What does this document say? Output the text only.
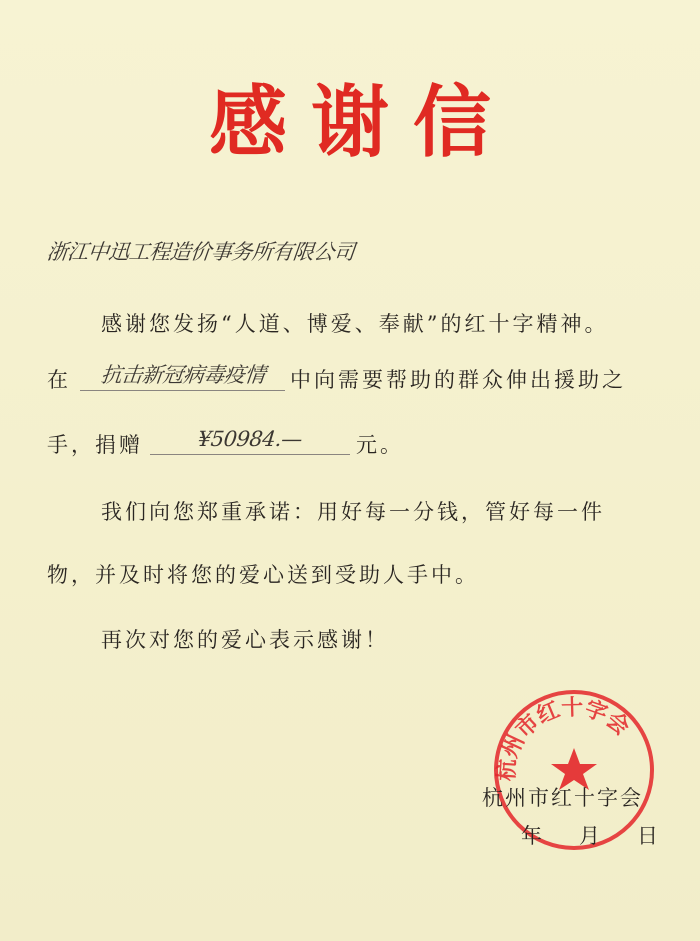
感谢信
浙江中迅工程造价事务所有限公司
感谢您发扬“人道、博爱、奉献”的红十字精神。
在	抗击新冠病毒疫情	中向需要帮助的群众伸出援助之
手，捐赠	¥50984.—	元。
我们向您郑重承诺：用好每一分钱，管好每一件
物，并及时将您的爱心送到受助人手中。
再次对您的爱心表示感谢！
杭州市红十字会
杭州市红十字会
年 月 日
